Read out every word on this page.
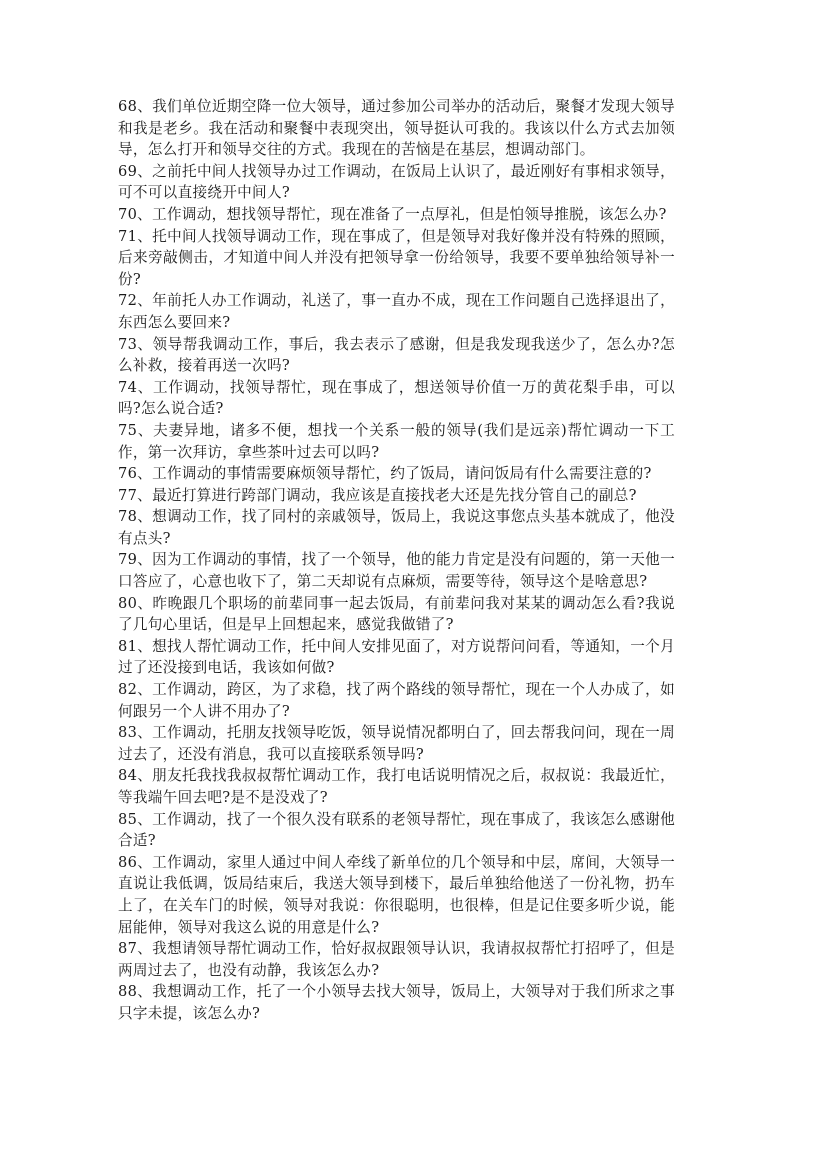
68、我们单位近期空降一位大领导，通过参加公司举办的活动后，聚餐才发现大领导和我是老乡。我在活动和聚餐中表现突出，领导挺认可我的。我该以什么方式去加领导，怎么打开和领导交往的方式。我现在的苦恼是在基层，想调动部门。

69、之前托中间人找领导办过工作调动，在饭局上认识了，最近刚好有事相求领导，可不可以直接绕开中间人?

70、工作调动，想找领导帮忙，现在准备了一点厚礼，但是怕领导推脱，该怎么办?

71、托中间人找领导调动工作，现在事成了，但是领导对我好像并没有特殊的照顾，后来旁敲侧击，才知道中间人并没有把领导拿一份给领导，我要不要单独给领导补一份?

72、年前托人办工作调动，礼送了，事一直办不成，现在工作问题自己选择退出了，东西怎么要回来?

73、领导帮我调动工作，事后，我去表示了感谢，但是我发现我送少了，怎么办?怎么补救，接着再送一次吗?

74、工作调动，找领导帮忙，现在事成了，想送领导价值一万的黄花梨手串，可以吗?怎么说合适?

75、夫妻异地，诸多不便，想找一个关系一般的领导(我们是远亲)帮忙调动一下工作，第一次拜访，拿些茶叶过去可以吗?

76、工作调动的事情需要麻烦领导帮忙，约了饭局，请问饭局有什么需要注意的?

77、最近打算进行跨部门调动，我应该是直接找老大还是先找分管自己的副总?

78、想调动工作，找了同村的亲戚领导，饭局上，我说这事您点头基本就成了，他没有点头?

79、因为工作调动的事情，找了一个领导，他的能力肯定是没有问题的，第一天他一口答应了，心意也收下了，第二天却说有点麻烦，需要等待，领导这个是啥意思?

80、昨晚跟几个职场的前辈同事一起去饭局，有前辈问我对某某的调动怎么看?我说了几句心里话，但是早上回想起来，感觉我做错了?

81、想找人帮忙调动工作，托中间人安排见面了，对方说帮问问看，等通知，一个月过了还没接到电话，我该如何做?

82、工作调动，跨区，为了求稳，找了两个路线的领导帮忙，现在一个人办成了，如何跟另一个人讲不用办了?

83、工作调动，托朋友找领导吃饭，领导说情况都明白了，回去帮我问问，现在一周过去了，还没有消息，我可以直接联系领导吗?

84、朋友托我找我叔叔帮忙调动工作，我打电话说明情况之后，叔叔说：我最近忙，等我端午回去吧?是不是没戏了?

85、工作调动，找了一个很久没有联系的老领导帮忙，现在事成了，我该怎么感谢他合适?

86、工作调动，家里人通过中间人牵线了新单位的几个领导和中层，席间，大领导一直说让我低调，饭局结束后，我送大领导到楼下，最后单独给他送了一份礼物，扔车上了，在关车门的时候，领导对我说：你很聪明，也很棒，但是记住要多听少说，能屈能伸，领导对我这么说的用意是什么?

87、我想请领导帮忙调动工作，恰好叔叔跟领导认识，我请叔叔帮忙打招呼了，但是两周过去了，也没有动静，我该怎么办?

88、我想调动工作，托了一个小领导去找大领导，饭局上，大领导对于我们所求之事只字未提，该怎么办?
